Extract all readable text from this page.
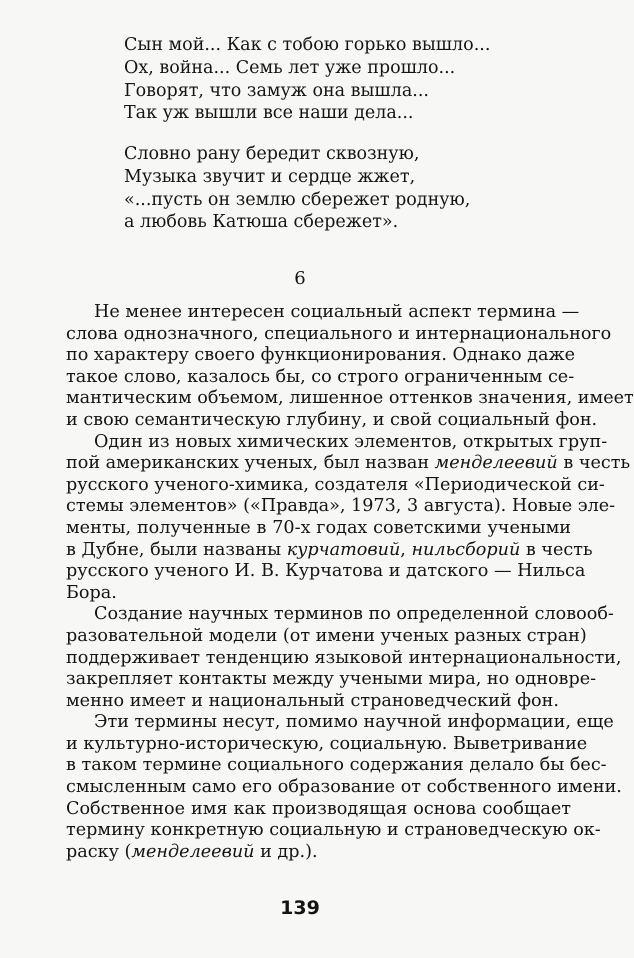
Сын мой... Как с тобою горько вышло...
Ох, война... Семь лет уже прошло...
Говорят, что замуж она вышла...
Так уж вышли все наши дела...
Словно рану бередит сквозную,
Музыка звучит и сердце жжет,
«...пусть он землю сбережет родную,
а любовь Катюша сбережет».
6
Не менее интересен социальный аспект термина —
слова однозначного, специального и интернационального
по характеру своего функционирования. Однако даже
такое слово, казалось бы, со строго ограниченным се-
мантическим объемом, лишенное оттенков значения, имеет
и свою семантическую глубину, и свой социальный фон.
Один из новых химических элементов, открытых груп-
пой американских ученых, был назван менделеевий в честь
русского ученого-химика, создателя «Периодической си-
стемы элементов» («Правда», 1973, 3 августа). Новые эле-
менты, полученные в 70-х годах советскими учеными
в Дубне, были названы курчатовий, нильсборий в честь
русского ученого И. В. Курчатова и датского — Нильса
Бора.
Создание научных терминов по определенной словооб-
разовательной модели (от имени ученых разных стран)
поддерживает тенденцию языковой интернациональности,
закрепляет контакты между учеными мира, но одновре-
менно имеет и национальный страноведческий фон.
Эти термины несут, помимо научной информации, еще
и культурно-историческую, социальную. Выветривание
в таком термине социального содержания делало бы бес-
смысленным само его образование от собственного имени.
Собственное имя как производящая основа сообщает
термину конкретную социальную и страноведческую ок-
раску (менделеевий и др.).
139
